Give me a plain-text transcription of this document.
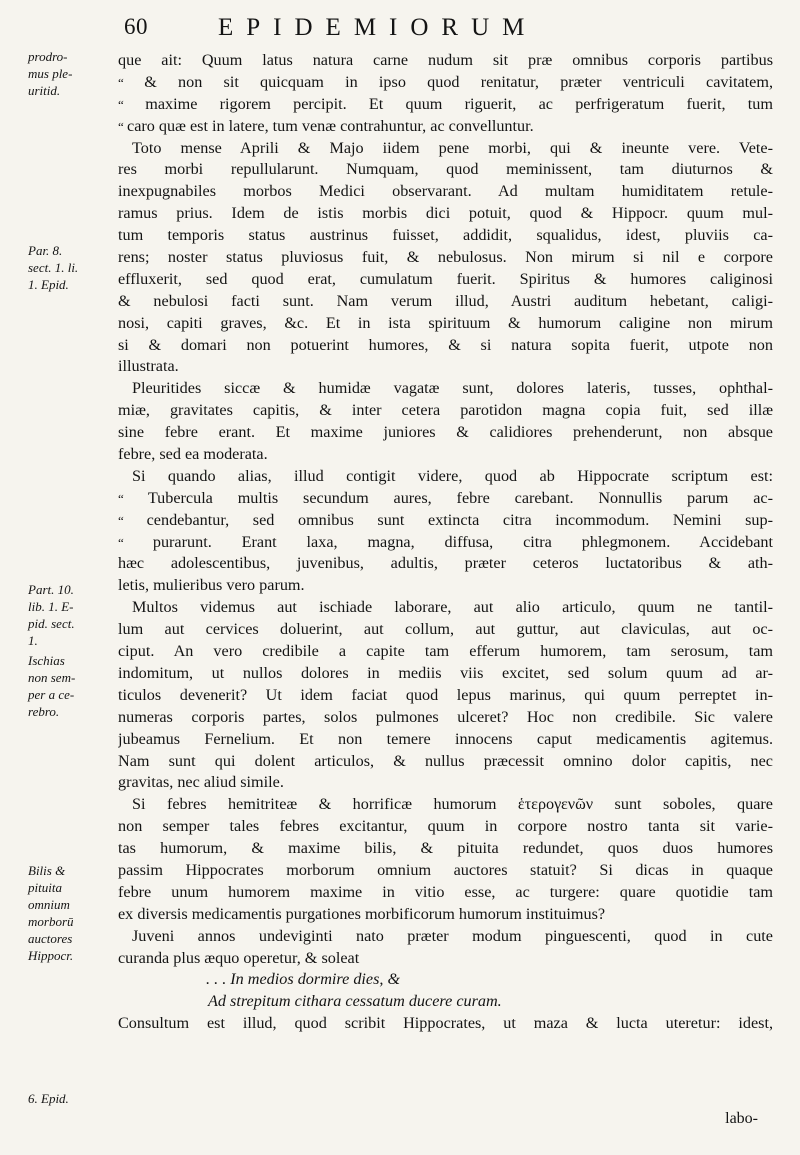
60	EPIDEMIORUM
prodro-
mus ple-
uritid.
Par. 8.
sect. 1. li.
1. Epid.
Part. 10.
lib. 1. E-
pid. sect.
1.
Ischias
non sem-
per a ce-
rebro.
Bilis &
pituita
omnium
morborū
auctores
Hippocr.
6. Epid.
que ait: Quum latus natura carne nudum sit præ omnibus corporis partibus
“ & non sit quicquam in ipso quod renitatur, præter ventriculi cavitatem,
“ maxime rigorem percipit. Et quum riguerit, ac perfrigeratum fuerit, tum
“ caro quæ est in latere, tum venæ contrahuntur, ac convelluntur.
Toto mense Aprili & Majo iidem pene morbi, qui & ineunte vere. Vete-
res morbi repullularunt. Numquam, quod meminissent, tam diuturnos &
inexpugnabiles morbos Medici observarant. Ad multam humiditatem retule-
ramus prius. Idem de istis morbis dici potuit, quod & Hippocr. quum mul-
tum temporis status austrinus fuisset, addidit, squalidus, idest, pluviis ca-
rens; noster status pluviosus fuit, & nebulosus. Non mirum si nil e corpore
effluxerit, sed quod erat, cumulatum fuerit. Spiritus & humores caliginosi
& nebulosi facti sunt. Nam verum illud, Austri auditum hebetant, caligi-
nosi, capiti graves, &c. Et in ista spirituum & humorum caligine non mirum
si & domari non potuerint humores, & si natura sopita fuerit, utpote non
illustrata.
Pleuritides siccæ & humidæ vagatæ sunt, dolores lateris, tusses, ophthal-
miæ, gravitates capitis, & inter cetera parotidon magna copia fuit, sed illæ
sine febre erant. Et maxime juniores & calidiores prehenderunt, non absque
febre, sed ea moderata.
Si quando alias, illud contigit videre, quod ab Hippocrate scriptum est:
“ Tubercula multis secundum aures, febre carebant. Nonnullis parum ac-
“ cendebantur, sed omnibus sunt extincta citra incommodum. Nemini sup-
“ purarunt. Erant laxa, magna, diffusa, citra phlegmonem. Accidebant
hæc adolescentibus, juvenibus, adultis, præter ceteros luctatoribus & ath-
letis, mulieribus vero parum.
Multos videmus aut ischiade laborare, aut alio articulo, quum ne tantil-
lum aut cervices doluerint, aut collum, aut guttur, aut claviculas, aut oc-
ciput. An vero credibile a capite tam efferum humorem, tam serosum, tam
indomitum, ut nullos dolores in mediis viis excitet, sed solum quum ad ar-
ticulos devenerit? Ut idem faciat quod lepus marinus, qui quum perreptet in-
numeras corporis partes, solos pulmones ulceret? Hoc non credibile. Sic valere
jubeamus Fernelium. Et non temere innocens caput medicamentis agitemus.
Nam sunt qui dolent articulos, & nullus præcessit omnino dolor capitis, nec
gravitas, nec aliud simile.
Si febres hemitriteæ & horrificæ humorum ἑτερογενῶν sunt soboles, quare
non semper tales febres excitantur, quum in corpore nostro tanta sit varie-
tas humorum, & maxime bilis, & pituita redundet, quos duos humores
passim Hippocrates morborum omnium auctores statuit? Si dicas in quaque
febre unum humorem maxime in vitio esse, ac turgere: quare quotidie tam
ex diversis medicamentis purgationes morbificorum humorum instituimus?
Juveni annos undeviginti nato præter modum pinguescenti, quod in cute
curanda plus æquo operetur, & soleat
. . . In medios dormire dies, &
Ad strepitum cithara cessatum ducere curam.
Consultum est illud, quod scribit Hippocrates, ut maza & lucta uteretur: idest,
labo-
